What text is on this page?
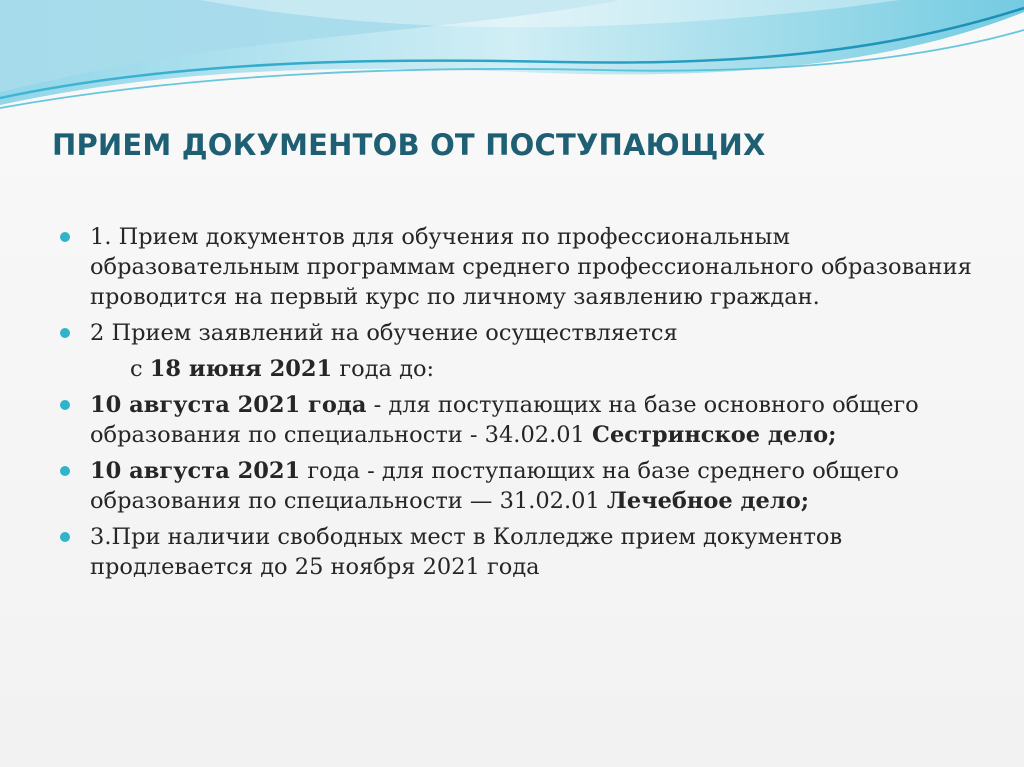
ПРИЕМ ДОКУМЕНТОВ ОТ ПОСТУПАЮЩИХ
1. Прием документов для обучения по профессиональным образовательным программам среднего профессионального образования проводится на первый курс по личному заявлению граждан.
2 Прием заявлений на обучение осуществляется
с 18 июня 2021 года до:
10 августа 2021 года - для поступающих на базе основного общего образования по специальности - 34.02.01 Сестринское дело;
10 августа 2021 года - для поступающих на базе среднего общего образования по специальности — 31.02.01 Лечебное дело;
3.При наличии свободных мест в Колледже прием документов продлевается до 25 ноября 2021 года
